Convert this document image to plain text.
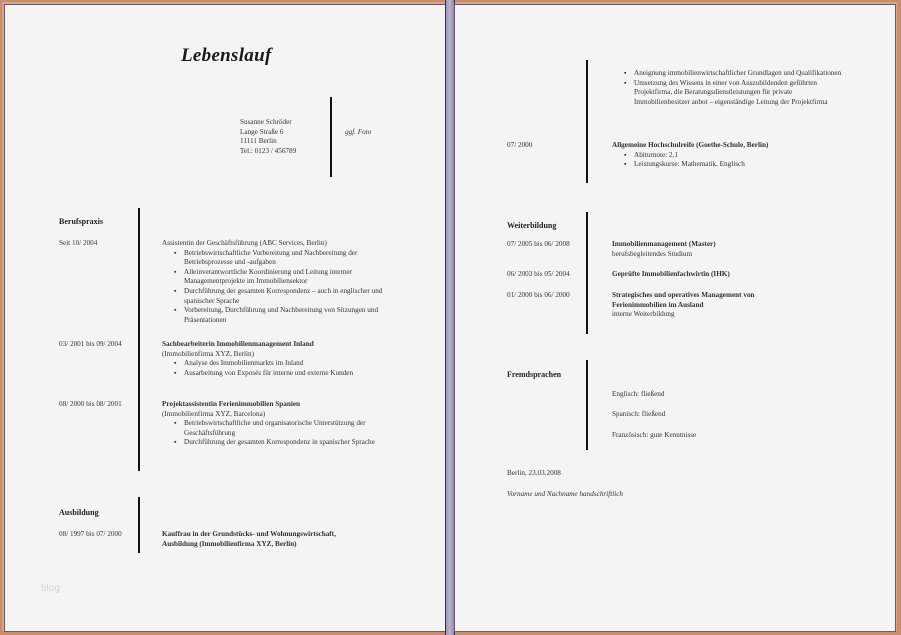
Lebenslauf
Susanne Schröder
Lange Straße 6
11111 Berlin
Tel.: 0123 / 456789
ggf. Foto
Berufspraxis
Seit 10/ 2004	Assistentin der Geschäftsführung (ABC Services, Berlin)
▪ Betriebswirtschaftliche Vorbereitung und Nachbereitung der Betriebsprozesse und -aufgaben
▪ Alleinverantwortliche Koordinierung und Leitung interner Managementprojekte im Immobiliensektor
▪ Durchführung der gesamten Korrespondenz – auch in englischer und spanischer Sprache
▪ Vorbereitung, Durchführung und Nachbereitung von Sitzungen und Präsentationen
03/ 2001 bis 09/ 2004	Sachbearbeiterin Immobilienmanagement Inland
(Immobilienfirma XYZ, Berlin)
▪ Analyse des Immobilienmarkts im Inland
▪ Ausarbeitung von Exposés für interne und externe Kunden
08/ 2000 bis 08/ 2001	Projektassistentin Ferienimmobilien Spanien
(Immobilienfirma XYZ, Barcelona)
▪ Betriebswirtschaftliche und organisatorische Unterstützung der Geschäftsführung
▪ Durchführung der gesamten Korrespondenz in spanischer Sprache
Ausbildung
08/ 1997 bis 07/ 2000	Kauffrau in der Grundstücks- und Wohnungswirtschaft,
Ausbildung (Immobilienfirma XYZ, Berlin)
blog
▪ Aneignung immobilienwirtschaftlicher Grundlagen und Qualifikationen
▪ Umsetzung des Wissens in einer von Auszubildenden geführten Projektfirma, die Beratungsdienstleistungen für private Immobilienbesitzer anbot – eigenständige Leitung der Projektfirma
07/ 2000	Allgemeine Hochschulreife (Goethe-Schule, Berlin)
▪ Abiturnote: 2,1
▪ Leistungskurse: Mathematik, Englisch
Weiterbildung
07/ 2005 bis 06/ 2008	Immobilienmanagement (Master)
berufsbegleitendes Studium
06/ 2003 bis 05/ 2004	Geprüfte Immobilienfachwirtin (IHK)
01/ 2000 bis 06/ 2000	Strategisches und operatives Management von
Ferienimmobilien im Ausland
interne Weiterbildung
Fremdsprachen
Englisch: fließend
Spanisch: fließend
Französisch: gute Kenntnisse
Berlin, 23.03.2008
Vorname und Nachname handschriftlich
